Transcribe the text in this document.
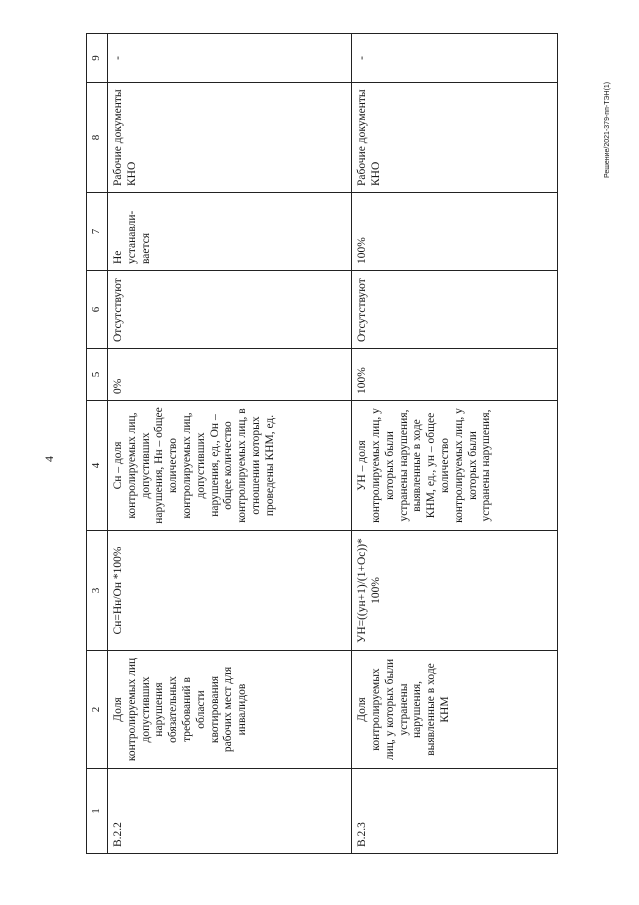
4
Решение/2021-379-пп-ТЭН(1)
1	2	3	4	5	6	7	8	9
В.2.2	Доля контролируемых лиц допустивших нарушения обязательных требований в области квотирования рабочих мест для инвалидов	Сн=Нн/Он *100%	Сн – доля контролируемых лиц, допустивших нарушения, Нн – общее количество контролируемых лиц, допустивших нарушения, ед., Он – общее количество контролируемых лиц, в отношении которых проведены КНМ, ед.	0%	Отсутствуют	Не устанавли-вается	Рабочие документы КНО	-
В.2.3	Доля контролируемых лиц, у которых были устранены нарушения, выявленные в ходе КНМ	УН=((ун+1)/(1+Ос))* 100%	УН – доля контролируемых лиц, у которых были устранены нарушения, выявленные в ходе КНМ, ед., ун – общее количество контролируемых лиц, у которых были устранены нарушения,	100%	Отсутствуют	100%	Рабочие документы КНО	-
